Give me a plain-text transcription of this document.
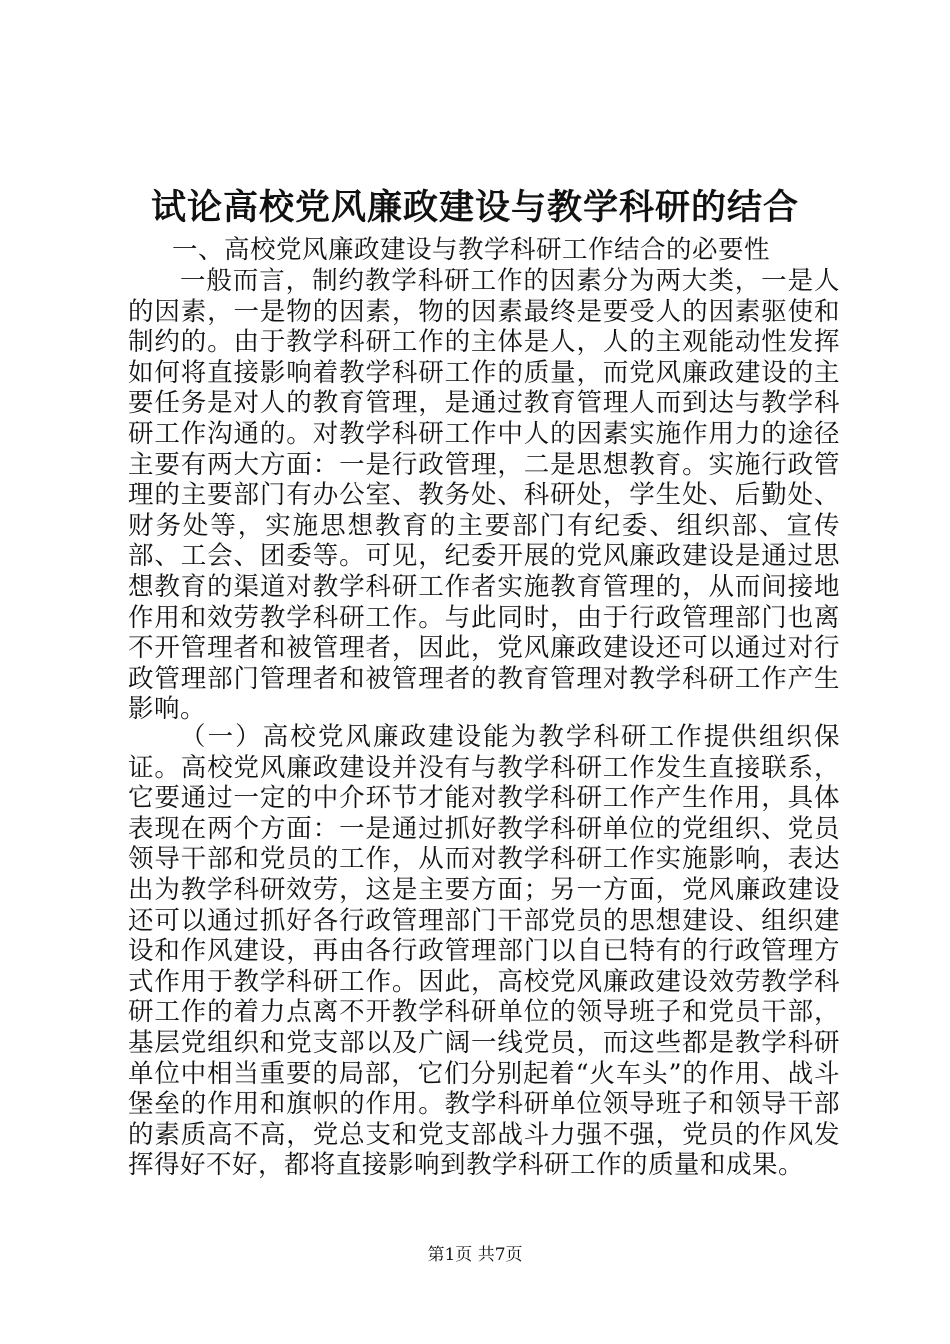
试论高校党风廉政建设与教学科研的结合

一、高校党风廉政建设与教学科研工作结合的必要性

一般而言，制约教学科研工作的因素分为两大类，一是人的因素，一是物的因素，物的因素最终是要受人的因素驱使和制约的。由于教学科研工作的主体是人，人的主观能动性发挥如何将直接影响着教学科研工作的质量，而党风廉政建设的主要任务是对人的教育管理，是通过教育管理人而到达与教学科研工作沟通的。对教学科研工作中人的因素实施作用力的途径主要有两大方面：一是行政管理，二是思想教育。实施行政管理的主要部门有办公室、教务处、科研处，学生处、后勤处、财务处等，实施思想教育的主要部门有纪委、组织部、宣传部、工会、团委等。可见，纪委开展的党风廉政建设是通过思想教育的渠道对教学科研工作者实施教育管理的，从而间接地作用和效劳教学科研工作。与此同时，由于行政管理部门也离不开管理者和被管理者，因此，党风廉政建设还可以通过对行政管理部门管理者和被管理者的教育管理对教学科研工作产生影响。

（一）高校党风廉政建设能为教学科研工作提供组织保证。高校党风廉政建设并没有与教学科研工作发生直接联系，它要通过一定的中介环节才能对教学科研工作产生作用，具体表现在两个方面：一是通过抓好教学科研单位的党组织、党员领导干部和党员的工作，从而对教学科研工作实施影响，表达出为教学科研效劳，这是主要方面；另一方面，党风廉政建设还可以通过抓好各行政管理部门干部党员的思想建设、组织建设和作风建设，再由各行政管理部门以自已特有的行政管理方式作用于教学科研工作。因此，高校党风廉政建设效劳教学科研工作的着力点离不开教学科研单位的领导班子和党员干部，基层党组织和党支部以及广阔一线党员，而这些都是教学科研单位中相当重要的局部，它们分别起着“火车头”的作用、战斗堡垒的作用和旗帜的作用。教学科研单位领导班子和领导干部的素质高不高，党总支和党支部战斗力强不强，党员的作风发挥得好不好，都将直接影响到教学科研工作的质量和成果。

第1页 共7页
